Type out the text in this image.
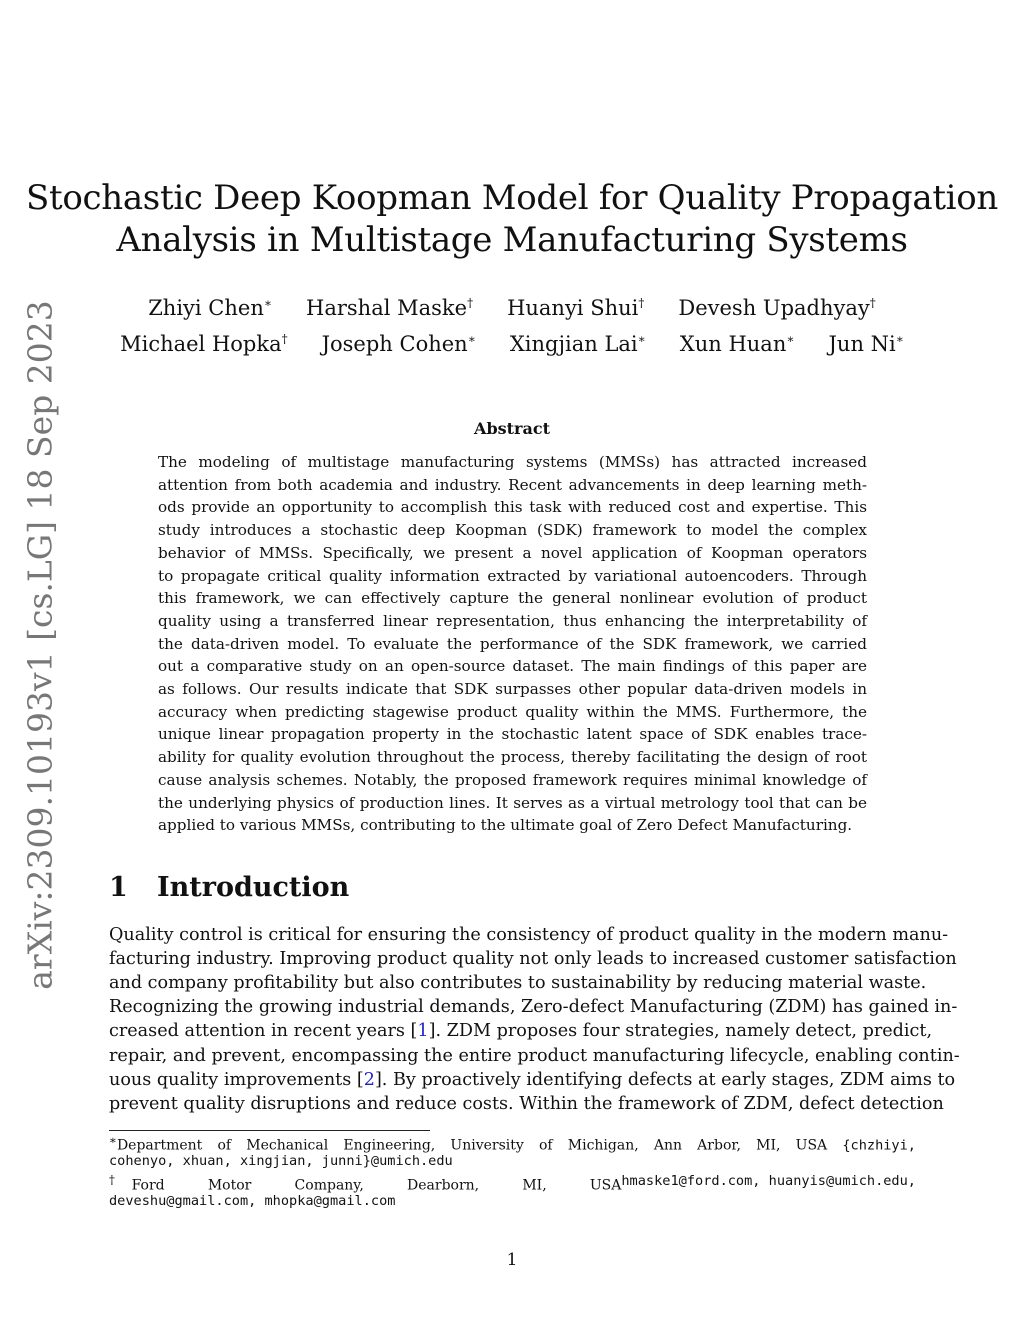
arXiv:2309.10193v1 [cs.LG] 18 Sep 2023
Stochastic Deep Koopman Model for Quality Propagation
Analysis in Multistage Manufacturing Systems
Zhiyi Chen∗ Harshal Maske† Huanyi Shui† Devesh Upadhyay†
Michael Hopka† Joseph Cohen∗ Xingjian Lai∗ Xun Huan∗ Jun Ni∗
Abstract
The modeling of multistage manufacturing systems (MMSs) has attracted increased
attention from both academia and industry. Recent advancements in deep learning meth-
ods provide an opportunity to accomplish this task with reduced cost and expertise. This
study introduces a stochastic deep Koopman (SDK) framework to model the complex
behavior of MMSs. Specifically, we present a novel application of Koopman operators
to propagate critical quality information extracted by variational autoencoders. Through
this framework, we can effectively capture the general nonlinear evolution of product
quality using a transferred linear representation, thus enhancing the interpretability of
the data-driven model. To evaluate the performance of the SDK framework, we carried
out a comparative study on an open-source dataset. The main findings of this paper are
as follows. Our results indicate that SDK surpasses other popular data-driven models in
accuracy when predicting stagewise product quality within the MMS. Furthermore, the
unique linear propagation property in the stochastic latent space of SDK enables trace-
ability for quality evolution throughout the process, thereby facilitating the design of root
cause analysis schemes. Notably, the proposed framework requires minimal knowledge of
the underlying physics of production lines. It serves as a virtual metrology tool that can be
applied to various MMSs, contributing to the ultimate goal of Zero Defect Manufacturing.
1 Introduction
Quality control is critical for ensuring the consistency of product quality in the modern manu-
facturing industry. Improving product quality not only leads to increased customer satisfaction
and company profitability but also contributes to sustainability by reducing material waste.
Recognizing the growing industrial demands, Zero-defect Manufacturing (ZDM) has gained in-
creased attention in recent years [1]. ZDM proposes four strategies, namely detect, predict,
repair, and prevent, encompassing the entire product manufacturing lifecycle, enabling contin-
uous quality improvements [2]. By proactively identifying defects at early stages, ZDM aims to
prevent quality disruptions and reduce costs. Within the framework of ZDM, defect detection
∗Department of Mechanical Engineering, University of Michigan, Ann Arbor, MI, USA {chzhiyi,
cohenyo, xhuan, xingjian, junni}@umich.edu
†Ford Motor Company, Dearborn, MI, USA hmaske1@ford.com, huanyis@umich.edu,
deveshu@gmail.com, mhopka@gmail.com
1
